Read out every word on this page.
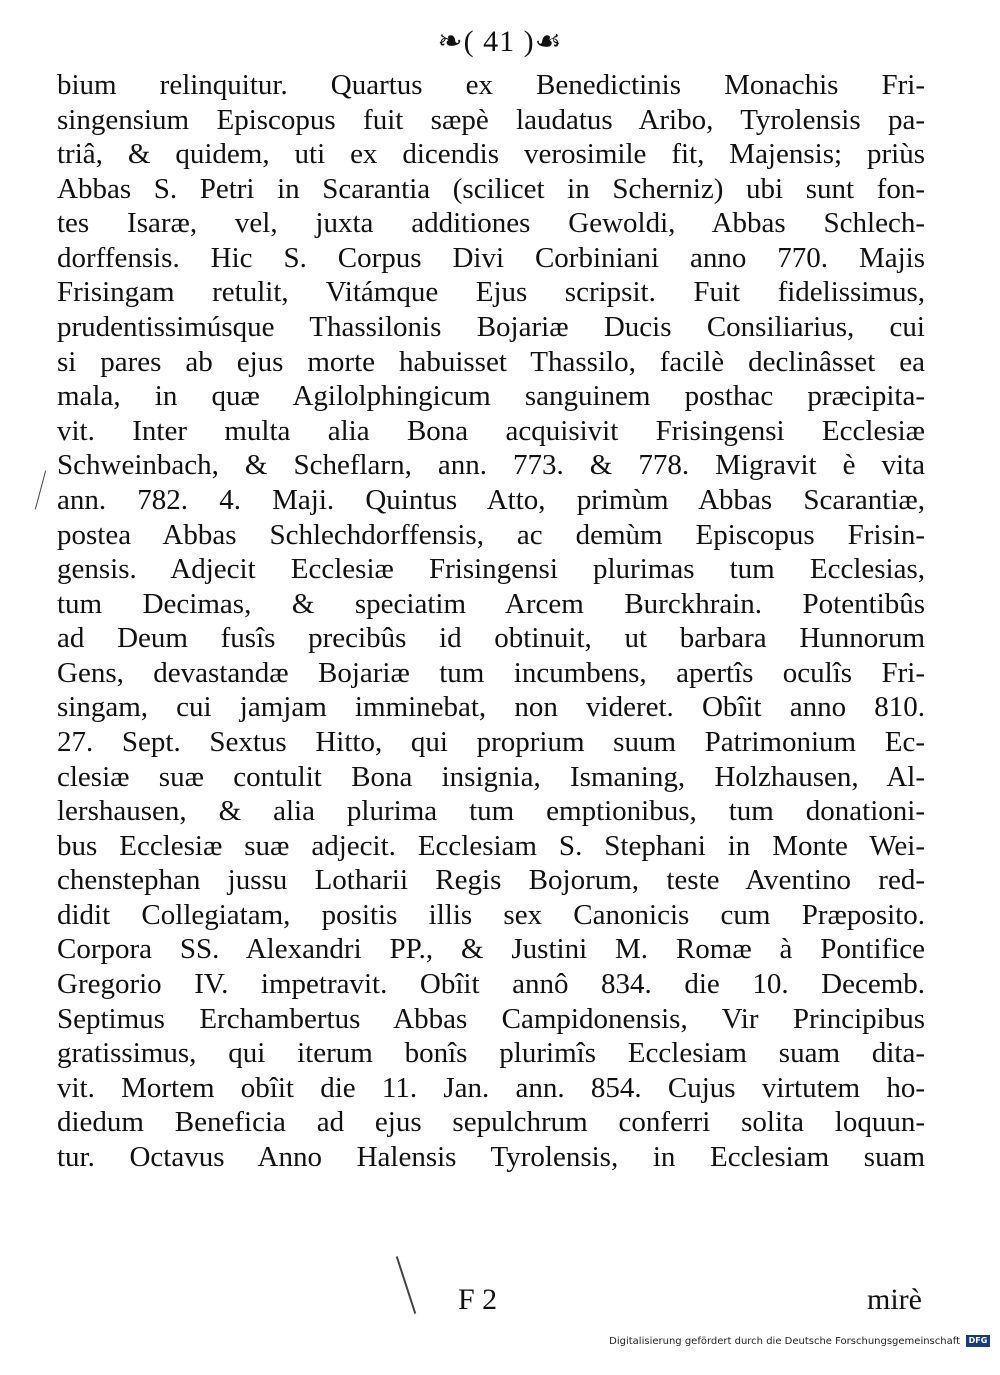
❧( 41 )☙
bium relinquitur. Quartus ex Benedictinis Monachis Fri-
singensium Episcopus fuit sæpè laudatus Aribo, Tyrolensis pa-
triâ, & quidem, uti ex dicendis verosimile fit, Majensis; priùs
Abbas S. Petri in Scarantia (scilicet in Scherniz) ubi sunt fon-
tes Isaræ, vel, juxta additiones Gewoldi, Abbas Schlech-
dorffensis. Hic S. Corpus Divi Corbiniani anno 770. Majis
Frisingam retulit, Vitámque Ejus scripsit. Fuit fidelissimus,
prudentissimúsque Thassilonis Bojariæ Ducis Consiliarius, cui
si pares ab ejus morte habuisset Thassilo, facilè declinâsset ea
mala, in quæ Agilolphingicum sanguinem posthac præcipita-
vit. Inter multa alia Bona acquisivit Frisingensi Ecclesiæ
Schweinbach, & Scheflarn, ann. 773. & 778. Migravit è vita
ann. 782. 4. Maji. Quintus Atto, primùm Abbas Scarantiæ,
postea Abbas Schlechdorffensis, ac demùm Episcopus Frisin-
gensis. Adjecit Ecclesiæ Frisingensi plurimas tum Ecclesias,
tum Decimas, & speciatim Arcem Burckhrain. Potentibûs
ad Deum fusîs precibûs id obtinuit, ut barbara Hunnorum
Gens, devastandæ Bojariæ tum incumbens, apertîs oculîs Fri-
singam, cui jamjam imminebat, non videret. Obîit anno 810.
27. Sept. Sextus Hitto, qui proprium suum Patrimonium Ec-
clesiæ suæ contulit Bona insignia, Ismaning, Holzhausen, Al-
lershausen, & alia plurima tum emptionibus, tum donationi-
bus Ecclesiæ suæ adjecit. Ecclesiam S. Stephani in Monte Wei-
chenstephan jussu Lotharii Regis Bojorum, teste Aventino red-
didit Collegiatam, positis illis sex Canonicis cum Præposito.
Corpora SS. Alexandri PP., & Justini M. Romæ à Pontifice
Gregorio IV. impetravit. Obîit annô 834. die 10. Decemb.
Septimus Erchambertus Abbas Campidonensis, Vir Principibus
gratissimus, qui iterum bonîs plurimîs Ecclesiam suam dita-
vit. Mortem obîit die 11. Jan. ann. 854. Cujus virtutem ho-
diedum Beneficia ad ejus sepulchrum conferri solita loquun-
tur. Octavus Anno Halensis Tyrolensis, in Ecclesiam suam
F 2	mirè
Digitalisierung gefördert durch die Deutsche Forschungsgemeinschaft	DFG
